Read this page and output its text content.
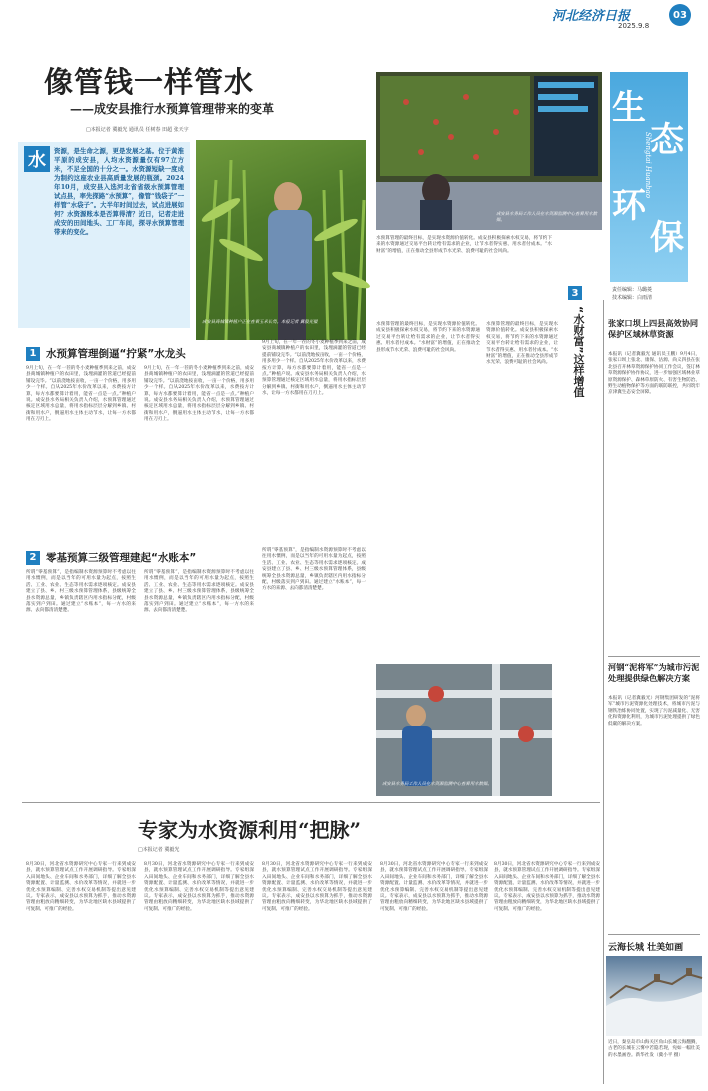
河北经济日报
2025.9.8
03
生
态
环
保
Shengtai Huanbao
责任编辑：马璐菱
技术编辑：白雨清
像管钱一样管水
——成安县推行水预算管理带来的变革
□本报记者 冀毅光 通讯员 任树春 田超 张天宇
水	资源，是生命之源，更是发展之基。位于黄淮平原的成安县，人均水资源量仅有97立方米，不足全国的十分之一。水资源短缺一度成为制约这座农业县高质量发展的瓶颈。2024年10月，成安县入选河北省省级水预算管理试点县，率先探路“水预算”，像管“钱袋子”一样管“水袋子”。大半年时间过去，试点进展如何？水资源账本是否算得清？近日，记者走进成安的田间地头、工厂车间，探寻水预算管理带来的变化。
成安县商城镇种植户正在查看玉米长势。本报记者 冀毅光摄
成安县水务局工作人员在水资源监测中心查看用水数据。
水预算管理的最终目标，是实现水资源价值转化。成安县积极探索水权交易，将节约下来的水资源通过交易平台转让给有需求的企业，让节水者得实惠、用水者付成本。“水财富”的增值，正在推动全县形成节水光荣、浪费可耻的社会风尚。
3
“水财富”这样增值	张家口坝上四县高效协同保护区域林草资源
本报讯（记者冀毅光 通讯员王鹏）9月4日，张家口坝上张北、康保、沽源、尚义四县在张北县召开林草资源保护协同工作会议，签订林草资源保护协作协议，进一步加强区域林业草原资源保护、森林草原防火、有害生物防治、野生动植物保护等方面的联防联控，共同筑牢京津冀生态安全屏障。
河钢“泥将军”为城市污泥处理提供绿色解决方案
本报讯（记者冀毅光）河钢集团研发的“泥将军”城市污泥资源化处理技术，将城市污泥与钢铁冶炼协同处置，实现了污泥减量化、无害化和资源化利用，为城市污泥处理提供了绿色低碳的解决方案。
云海长城 壮美如画
近日，秦皇岛市山海关区角山长城云海翻腾，古老的长城在云雾中若隐若现，宛如一幅壮美的水墨画卷。新华社发（冀小平 摄）
1 水预算管理倒逼“拧紧”水龙头
9月上旬，在一年一茬的冬小麦种植季到来之前，成安县商城镇种植户的农田里，浅埋滴灌的管道已经提前铺设完毕。“以前浇地按亩收，一亩一个价格，用多用少一个样。自从2025年水价改革以来，水费按方计算，每方水都要算计着用，能省一点是一点。”种植户说。成安县水务局相关负责人介绍，水预算管理通过核定区域用水总量，将用水指标层层分解到乡镇、村街和用水户，倒逼用水主体主动节水，让每一方水都用在刀刃上。
9月上旬，在一年一茬的冬小麦种植季到来之前，成安县商城镇种植户的农田里，浅埋滴灌的管道已经提前铺设完毕。“以前浇地按亩收，一亩一个价格，用多用少一个样。自从2025年水价改革以来，水费按方计算，每方水都要算计着用，能省一点是一点。”种植户说。成安县水务局相关负责人介绍，水预算管理通过核定区域用水总量，将用水指标层层分解到乡镇、村街和用水户，倒逼用水主体主动节水，让每一方水都用在刀刃上。
9月上旬，在一年一茬的冬小麦种植季到来之前，成安县商城镇种植户的农田里，浅埋滴灌的管道已经提前铺设完毕。“以前浇地按亩收，一亩一个价格，用多用少一个样。自从2025年水价改革以来，水费按方计算，每方水都要算计着用，能省一点是一点。”种植户说。成安县水务局相关负责人介绍，水预算管理通过核定区域用水总量，将用水指标层层分解到乡镇、村街和用水户，倒逼用水主体主动节水，让每一方水都用在刀刃上。
水预算管理的最终目标，是实现水资源价值转化。成安县积极探索水权交易，将节约下来的水资源通过交易平台转让给有需求的企业，让节水者得实惠、用水者付成本。“水财富”的增值，正在推动全县形成节水光荣、浪费可耻的社会风尚。
水预算管理的最终目标，是实现水资源价值转化。成安县积极探索水权交易，将节约下来的水资源通过交易平台转让给有需求的企业，让节水者得实惠、用水者付成本。“水财富”的增值，正在推动全县形成节水光荣、浪费可耻的社会风尚。
2 零基预算三级管理建起“水账本”
所谓“零基预算”，是指编制水资源预算时不考虑以往用水惯例，而是以当年的可用水量为起点，按照生活、工业、农业、生态等用水需求逐项核定。成安县建立了县、乡、村三级水预算管理体系，县级统筹全县水资源总量，乡镇负责辖区内用水指标分配，村级落实到户到田。通过建立“水账本”，每一方水的来源、去向都清清楚楚。
所谓“零基预算”，是指编制水资源预算时不考虑以往用水惯例，而是以当年的可用水量为起点，按照生活、工业、农业、生态等用水需求逐项核定。成安县建立了县、乡、村三级水预算管理体系，县级统筹全县水资源总量，乡镇负责辖区内用水指标分配，村级落实到户到田。通过建立“水账本”，每一方水的来源、去向都清清楚楚。
所谓“零基预算”，是指编制水资源预算时不考虑以往用水惯例，而是以当年的可用水量为起点，按照生活、工业、农业、生态等用水需求逐项核定。成安县建立了县、乡、村三级水预算管理体系，县级统筹全县水资源总量，乡镇负责辖区内用水指标分配，村级落实到户到田。通过建立“水账本”，每一方水的来源、去向都清清楚楚。
成安县水务局工作人员在水资源监测中心查看用水数据。
专家为水资源利用“把脉”
□本报记者 冀毅光
8月30日，河北省水资源研究中心专家一行来到成安县，就水预算管理试点工作开展调研指导。专家组深入田间地头、企业车间和水务部门，详细了解全县水资源配置、计量监测、水价改革等情况，并就进一步优化水预算编制、完善水权交易机制等提出意见建议。专家表示，成安县以水预算为抓手，推动水资源管理由粗放向精细转变，为华北地区缺水县域提供了可复制、可推广的经验。
8月30日，河北省水资源研究中心专家一行来到成安县，就水预算管理试点工作开展调研指导。专家组深入田间地头、企业车间和水务部门，详细了解全县水资源配置、计量监测、水价改革等情况，并就进一步优化水预算编制、完善水权交易机制等提出意见建议。专家表示，成安县以水预算为抓手，推动水资源管理由粗放向精细转变，为华北地区缺水县域提供了可复制、可推广的经验。
8月30日，河北省水资源研究中心专家一行来到成安县，就水预算管理试点工作开展调研指导。专家组深入田间地头、企业车间和水务部门，详细了解全县水资源配置、计量监测、水价改革等情况，并就进一步优化水预算编制、完善水权交易机制等提出意见建议。专家表示，成安县以水预算为抓手，推动水资源管理由粗放向精细转变，为华北地区缺水县域提供了可复制、可推广的经验。
8月30日，河北省水资源研究中心专家一行来到成安县，就水预算管理试点工作开展调研指导。专家组深入田间地头、企业车间和水务部门，详细了解全县水资源配置、计量监测、水价改革等情况，并就进一步优化水预算编制、完善水权交易机制等提出意见建议。专家表示，成安县以水预算为抓手，推动水资源管理由粗放向精细转变，为华北地区缺水县域提供了可复制、可推广的经验。
8月30日，河北省水资源研究中心专家一行来到成安县，就水预算管理试点工作开展调研指导。专家组深入田间地头、企业车间和水务部门，详细了解全县水资源配置、计量监测、水价改革等情况，并就进一步优化水预算编制、完善水权交易机制等提出意见建议。专家表示，成安县以水预算为抓手，推动水资源管理由粗放向精细转变，为华北地区缺水县域提供了可复制、可推广的经验。
